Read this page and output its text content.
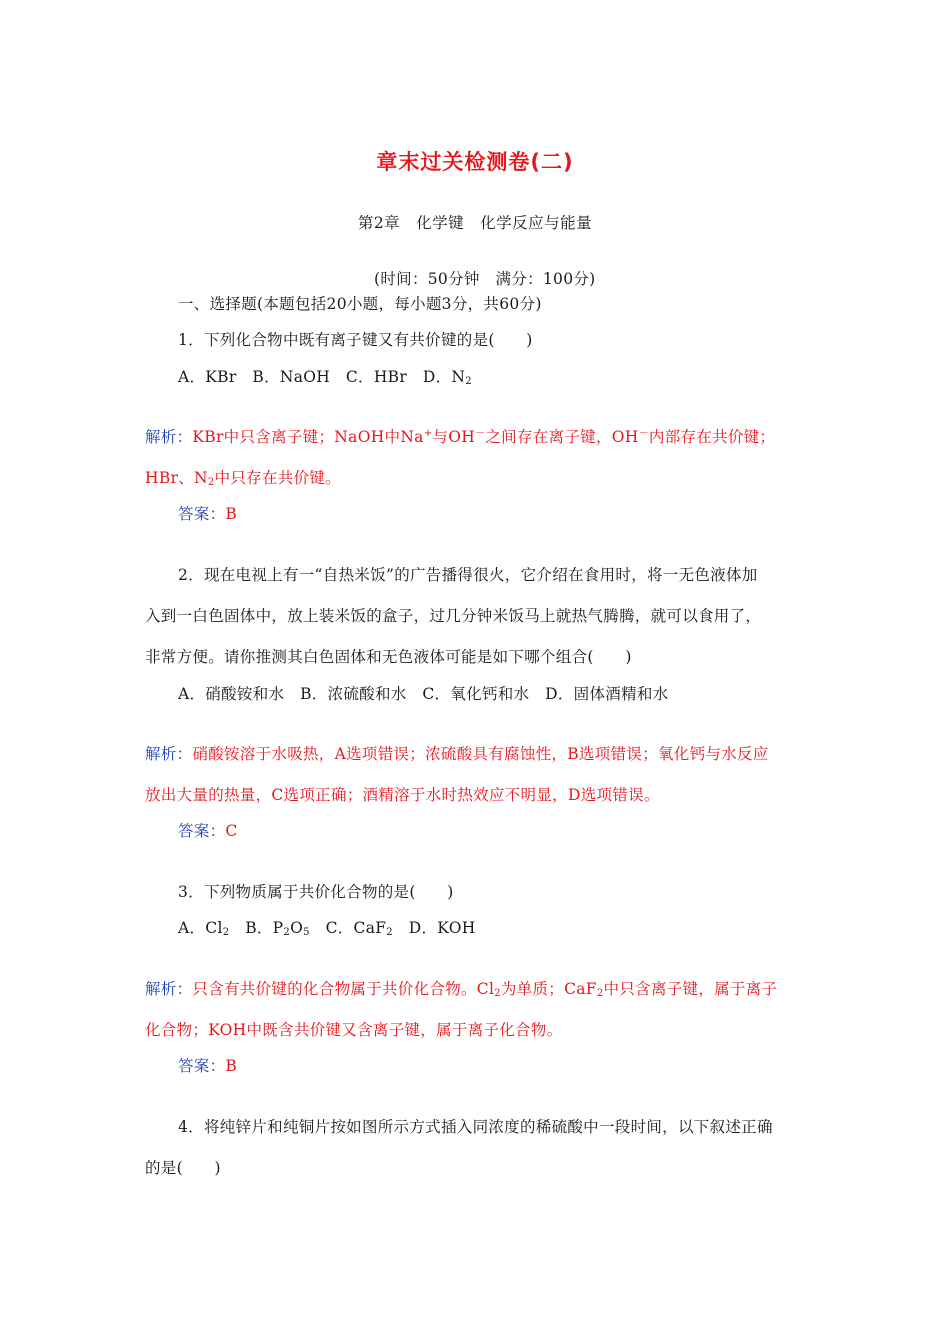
章末过关检测卷(二)
第2章　化学键　化学反应与能量
(时间：50分钟　满分：100分)
一、选择题(本题包括20小题，每小题3分，共60分)
1．下列化合物中既有离子键又有共价键的是(　　)
A．KBr　B．NaOH　C．HBr　D．$N_2$
解析：KBr中只含离子键；NaOH中Na+与OH－之间存在离子键，OH－内部存在共价键；
HBr、$N_2$中只存在共价键。
答案：B
2．现在电视上有一“自热米饭”的广告播得很火，它介绍在食用时，将一无色液体加
入到一白色固体中，放上装米饭的盒子，过几分钟米饭马上就热气腾腾，就可以食用了，
非常方便。请你推测其白色固体和无色液体可能是如下哪个组合(　　)
A．硝酸铵和水　B．浓硫酸和水　C．氧化钙和水　D．固体酒精和水
解析：硝酸铵溶于水吸热，A选项错误；浓硫酸具有腐蚀性，B选项错误；氧化钙与水反应
放出大量的热量，C选项正确；酒精溶于水时热效应不明显，D选项错误。
答案：C
3．下列物质属于共价化合物的是(　　)
A．$Cl_2$　B．$P_2O_5$　C．CaF$_2$　D．KOH
解析：只含有共价键的化合物属于共价化合物。$Cl_2$为单质；CaF$_2$中只含离子键，属于离子
化合物；KOH中既含共价键又含离子键，属于离子化合物。
答案：B
4．将纯锌片和纯铜片按如图所示方式插入同浓度的稀硫酸中一段时间，以下叙述正确
的是(　　)
